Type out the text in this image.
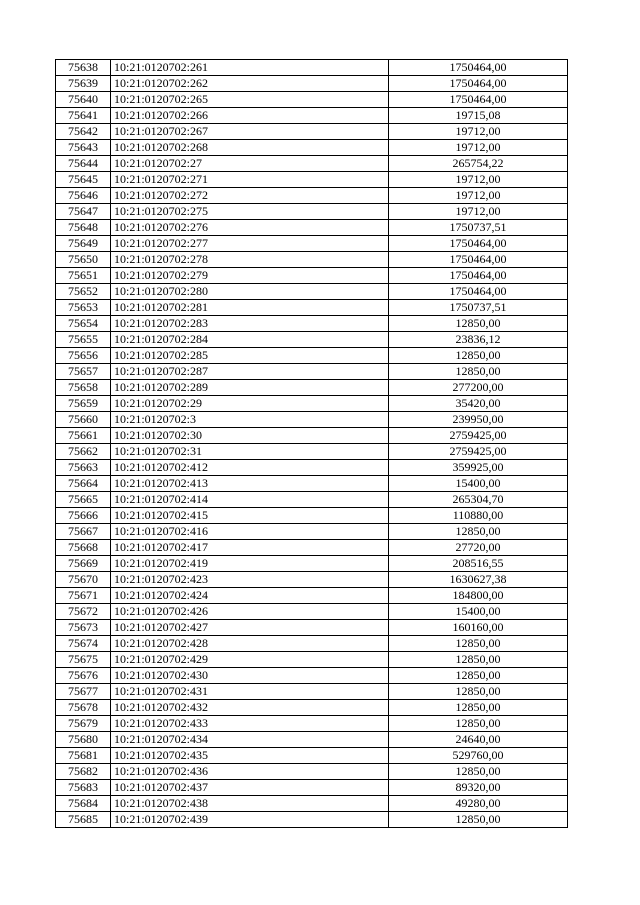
75638	10:21:0120702:261	1750464,00
75639	10:21:0120702:262	1750464,00
75640	10:21:0120702:265	1750464,00
75641	10:21:0120702:266	19715,08
75642	10:21:0120702:267	19712,00
75643	10:21:0120702:268	19712,00
75644	10:21:0120702:27	265754,22
75645	10:21:0120702:271	19712,00
75646	10:21:0120702:272	19712,00
75647	10:21:0120702:275	19712,00
75648	10:21:0120702:276	1750737,51
75649	10:21:0120702:277	1750464,00
75650	10:21:0120702:278	1750464,00
75651	10:21:0120702:279	1750464,00
75652	10:21:0120702:280	1750464,00
75653	10:21:0120702:281	1750737,51
75654	10:21:0120702:283	12850,00
75655	10:21:0120702:284	23836,12
75656	10:21:0120702:285	12850,00
75657	10:21:0120702:287	12850,00
75658	10:21:0120702:289	277200,00
75659	10:21:0120702:29	35420,00
75660	10:21:0120702:3	239950,00
75661	10:21:0120702:30	2759425,00
75662	10:21:0120702:31	2759425,00
75663	10:21:0120702:412	359925,00
75664	10:21:0120702:413	15400,00
75665	10:21:0120702:414	265304,70
75666	10:21:0120702:415	110880,00
75667	10:21:0120702:416	12850,00
75668	10:21:0120702:417	27720,00
75669	10:21:0120702:419	208516,55
75670	10:21:0120702:423	1630627,38
75671	10:21:0120702:424	184800,00
75672	10:21:0120702:426	15400,00
75673	10:21:0120702:427	160160,00
75674	10:21:0120702:428	12850,00
75675	10:21:0120702:429	12850,00
75676	10:21:0120702:430	12850,00
75677	10:21:0120702:431	12850,00
75678	10:21:0120702:432	12850,00
75679	10:21:0120702:433	12850,00
75680	10:21:0120702:434	24640,00
75681	10:21:0120702:435	529760,00
75682	10:21:0120702:436	12850,00
75683	10:21:0120702:437	89320,00
75684	10:21:0120702:438	49280,00
75685	10:21:0120702:439	12850,00
